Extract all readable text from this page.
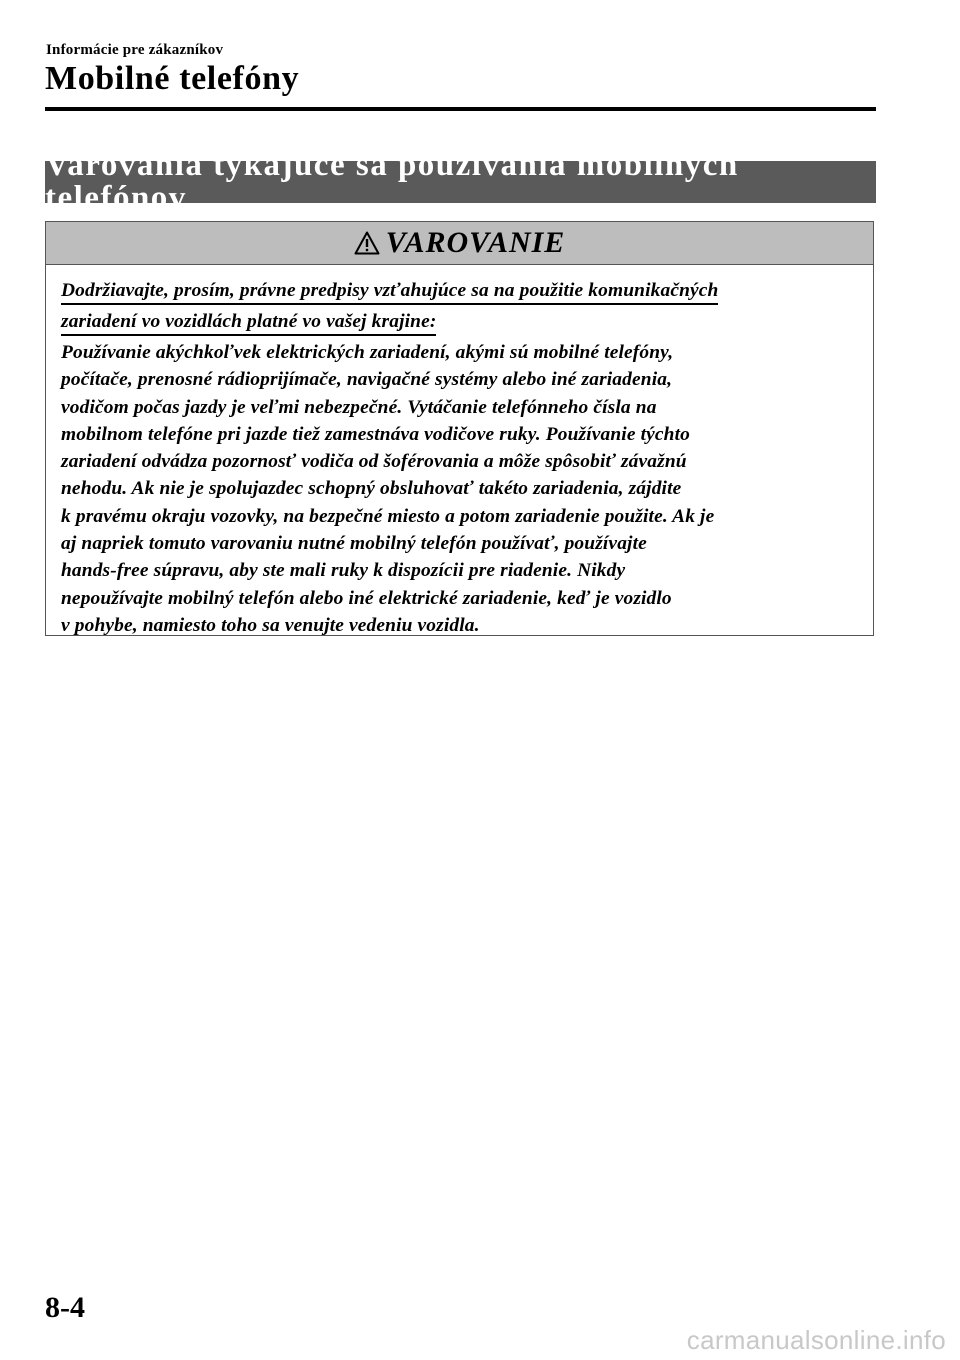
Informácie pre zákazníkov
Mobilné telefóny
Varovania týkajúce sa používania mobilných telefónov
VAROVANIE
Dodržiavajte, prosím, právne predpisy vzťahujúce sa na použitie komunikačných
zariadení vo vozidlách platné vo vašej krajine:
Používanie akýchkoľvek elektrických zariadení, akými sú mobilné telefóny,
počítače, prenosné rádioprijímače, navigačné systémy alebo iné zariadenia,
vodičom počas jazdy je veľmi nebezpečné. Vytáčanie telefónneho čísla na
mobilnom telefóne pri jazde tiež zamestnáva vodičove ruky. Používanie týchto
zariadení odvádza pozornosť vodiča od šoférovania a môže spôsobiť závažnú
nehodu. Ak nie je spolujazdec schopný obsluhovať takéto zariadenia, zájdite
k pravému okraju vozovky, na bezpečné miesto a potom zariadenie použite. Ak je
aj napriek tomuto varovaniu nutné mobilný telefón používať, používajte
hands-free súpravu, aby ste mali ruky k dispozícii pre riadenie. Nikdy
nepoužívajte mobilný telefón alebo iné elektrické zariadenie, keď je vozidlo
v pohybe, namiesto toho sa venujte vedeniu vozidla.
8-4
carmanualsonline.info
